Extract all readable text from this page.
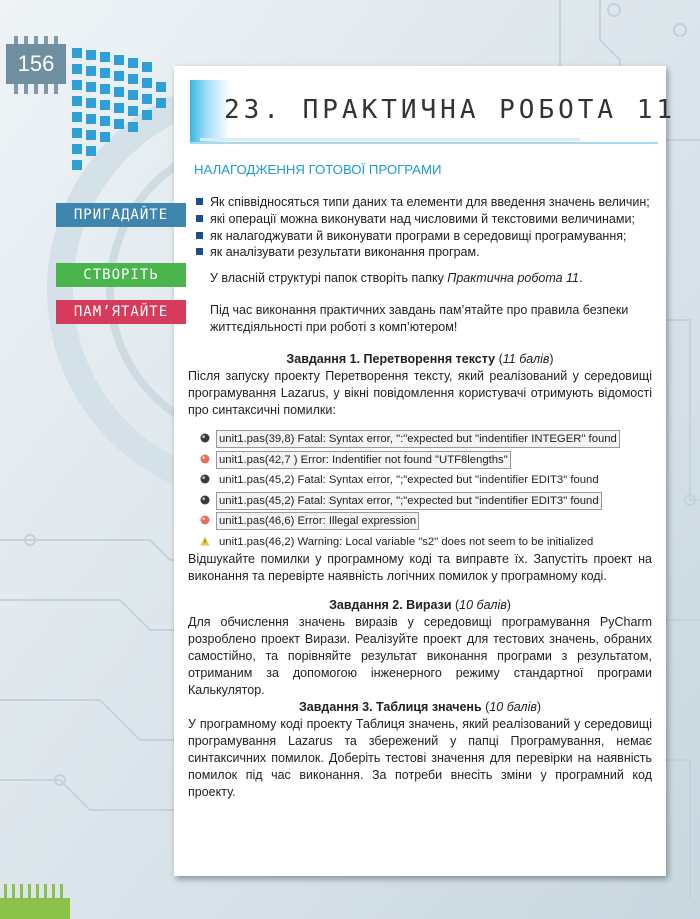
156
23. ПРАКТИЧНА РОБОТА 11
НАЛАГОДЖЕННЯ ГОТОВОЇ ПРОГРАМИ
ПРИГАДАЙТЕ
СТВОРІТЬ
ПАМ’ЯТАЙТЕ
Як співвідносяться типи даних та елементи для введення значень величин;
які операції можна виконувати над числовими й текстовими величинами;
як налагоджувати й виконувати програми в середовищі програмування;
як аналізувати результати виконання програм.
У власній структурі папок створіть папку Практична робота 11.
Під час виконання практичних завдань пам’ятайте про правила безпеки
життєдіяльності при роботі з комп’ютером!
Завдання 1. Перетворення тексту (11 балів)
Після запуску проекту Перетворення тексту, який реалізований у середовищі програмування Lazarus, у вікні повідомлення користувачі отримують відомості про синтаксичні помилки:
unit1.pas(39,8) Fatal: Syntax error, ":"expected but "indentifier INTEGER" found
unit1.pas(42,7 ) Error: Indentifier not found "UTF8lengths"
unit1.pas(45,2) Fatal: Syntax error, ";"expected but "indentifier EDIT3" found
unit1.pas(45,2) Fatal: Syntax error, ";"expected but "indentifier EDIT3" found
unit1.pas(46,6) Error: Illegal expression
unit1.pas(46,2) Warning: Local variable "s2" does not seem to be initialized
Відшукайте помилки у програмному коді та виправте їх. Запустіть проект на виконання та перевірте наявність логічних помилок у програмному коді.
Завдання 2. Вирази (10 балів)
Для обчислення значень виразів у середовищі програмування PyCharm розроблено проект Вирази. Реалізуйте проект для тестових значень, обраних самостійно, та порівняйте результат виконання програми з результатом, отриманим за допомогою інженерного режиму стандартної програми Калькулятор.
Завдання 3. Таблиця значень (10 балів)
У програмному коді проекту Таблиця значень, який реалізований у середовищі програмування Lazarus та збережений у папці Програмування, немає синтаксичних помилок. Доберіть тестові значення для перевірки на наявність помилок під час виконання. За потреби внесіть зміни у програмний код проекту.
